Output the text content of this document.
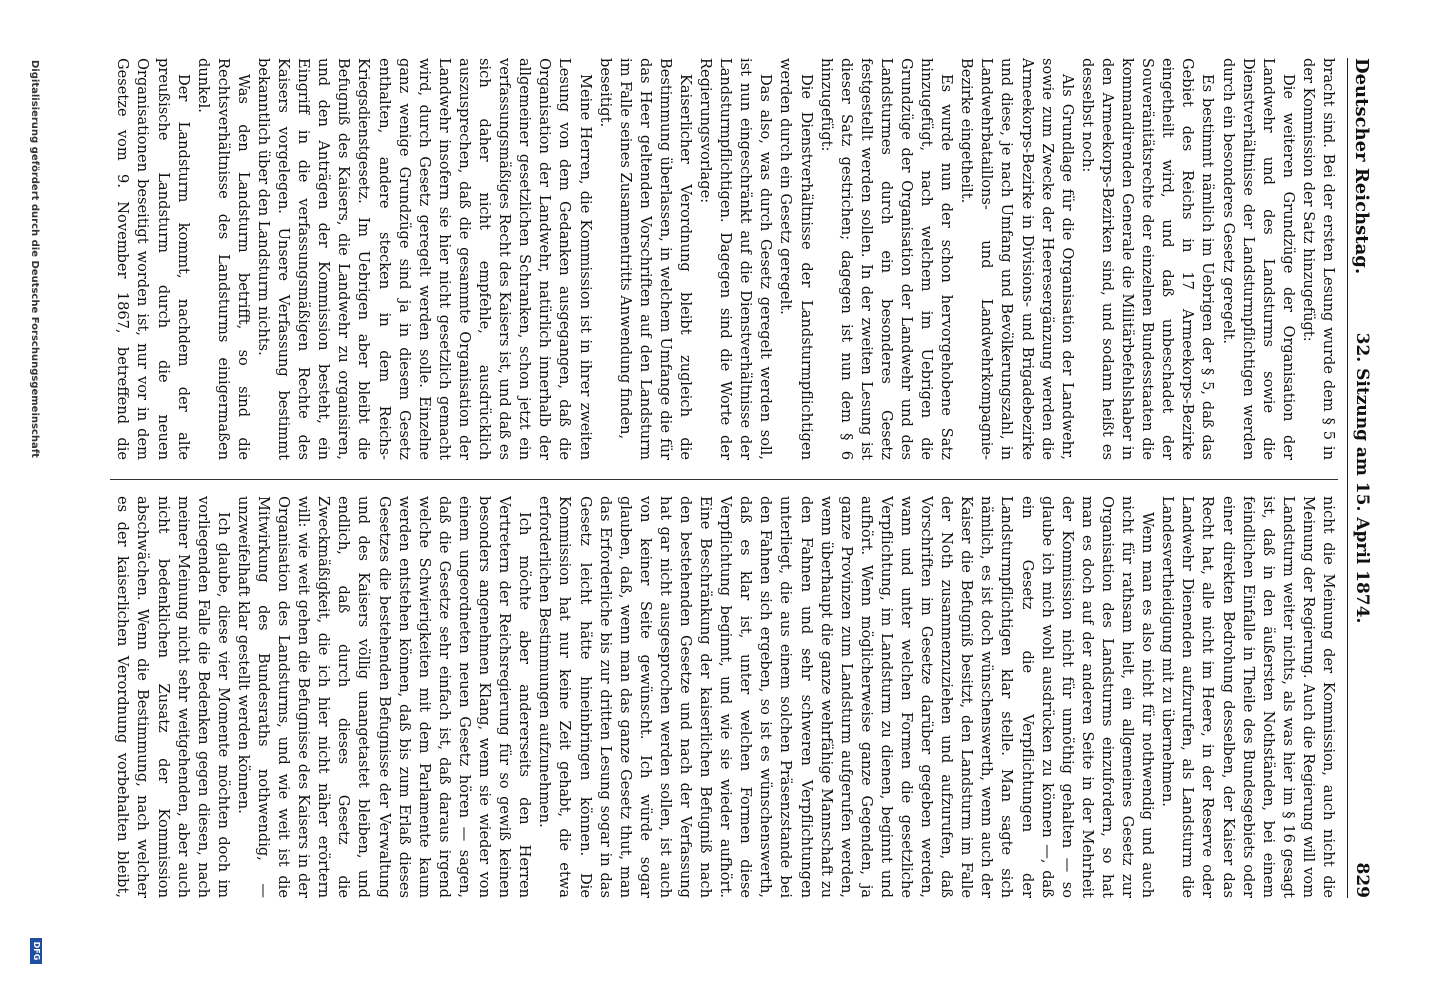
Deutscher Reichstag.
32. Sitzung am 15. April 1874.
829

bracht sind. Bei der ersten Lesung wurde dem § 5 in der Kommission der Satz hinzugefügt:

Die weiteren Grundzüge der Organisation der Landwehr und des Landsturms sowie die Dienstverhältnisse der Landsturmpflichtigen werden durch ein besonderes Gesetz geregelt.

Es bestimmt nämlich im Uebrigen der § 5, daß das Gebiet des Reichs in 17 Armeekorps-Bezirke eingetheilt wird, und daß unbeschadet der Souveränitätsrechte der einzelnen Bundesstaaten die kommandirenden Generale die Militärbefehlshaber in den Armeekorps-Bezirken sind, und sodann heißt es desselbst noch:

Als Grundlage für die Organisation der Landwehr, sowie zum Zwecke der Heeresergänzung werden die Armeekorps-Bezirke in Divisions- und Brigadebezirke und diese, je nach Umfang und Bevölkerungszahl, in Landwehrbataillons- und Landwehrkompagnie-Bezirke eingetheilt.

Es wurde nun der schon hervorgehobene Satz hinzugefügt, nach welchem im Uebrigen die Grundzüge der Organisation der Landwehr und des Landsturmes durch ein besonderes Gesetz festgestellt werden sollen. In der zweiten Lesung ist dieser Satz gestrichen; dagegen ist nun dem § 6 hinzugefügt:

Die Dienstverhältnisse der Landsturmpflichtigen werden durch ein Gesetz geregelt.

Das also, was durch Gesetz geregelt werden soll, ist nun eingeschränkt auf die Dienstverhältnisse der Landsturmpflichtigen. Dagegen sind die Worte der Regierungsvorlage:

Kaiserlicher Verordnung bleibt zugleich die Bestimmung überlassen, in welchem Umfange die für das Heer geltenden Vorschriften auf den Landsturm im Falle seines Zusammentritts Anwendung finden,

beseitigt.

Meine Herren, die Kommission ist in ihrer zweiten Lesung von dem Gedanken ausgegangen, daß die Organisation der Landwehr, natürlich innerhalb der allgemeiner gesetzlichen Schranken, schon jetzt ein verfassungsmäßiges Recht des Kaisers ist, und daß es sich daher nicht empfehle, ausdrücklich auszusprechen, daß die gesammte Organisation der Landwehr insofern sie hier nicht gesetzlich gemacht wird, durch Gesetz geregelt werden solle. Einzelne ganz wenige Grundzüge sind ja in diesem Gesetz enthalten, andere stecken in dem Reichs-Kriegsdienstgesetz. Im Uebrigen aber bleibt die Befugniß des Kaisers, die Landwehr zu organisiren, und den Anträgen der Kommission besteht, ein Eingriff in die verfassungsmäßigen Rechte des Kaisers vorgelegen. Unsere Verfassung bestimmt bekanntlich über den Landsturm nichts.

Was den Landsturm betrifft, so sind die Rechtsverhältnisse des Landsturms einigermaßen dunkel.

Der Landsturm kommt, nachdem der alte preußische Landsturm durch die neuen Organisationen beseitigt worden ist, nur vor in dem Gesetze vom 9. November 1867, betreffend die

nicht die Meinung der Kommission, auch nicht die Meinung der Regierung. Auch die Regierung will vom Landsturm weiter nichts, als was hier im § 16 gesagt ist, daß in den äußersten Nothständen, bei einem feindlichen Einfalle in Theile des Bundesgebiets oder einer direkten Bedrohung desselben, der Kaiser das Recht hat, alle nicht im Heere, in der Reserve oder Landwehr Dienenden aufzurufen, als Landsturm die Landesvertheidigung mit zu übernehmen.

Wenn man es also nicht für nothwendig und auch nicht für rathsam hielt, ein allgemeines Gesetz zur Organisation des Landsturms einzufordern, so hat man es doch auf der anderen Seite in der Mehrheit der Kommission nicht für unnöthig gehalten — so glaube ich mich wohl ausdrücken zu können —, daß ein Gesetz die Verpflichtungen der Landsturmpflichtigen klar stelle. Man sagte sich nämlich, es ist doch wünschenswerth, wenn auch der Kaiser die Befugniß besitzt, den Landsturm im Falle der Noth zusammenzuziehen und aufzurufen, daß Vorschriften im Gesetze darüber gegeben werden, wann und unter welchen Formen die gesetzliche Verpflichtung, im Landsturm zu dienen, beginnt und aufhört. Wenn möglicherweise ganze Gegenden, ja ganze Provinzen zum Landsturm aufgerufen werden, wenn überhaupt die ganze wehrfähige Mannschaft zu den Fahnen und sehr schweren Verpflichtungen unterliegt, die aus einem solchen Präsenzstande bei den Fahnen sich ergeben, so ist es wünschenswerth, daß es klar ist, unter welchen Formen diese Verpflichtung beginnt, und wie sie wieder aufhört. Eine Beschränkung der kaiserlichen Befugniß nach den bestehenden Gesetze und nach der Verfassung hat gar nicht ausgesprochen werden sollen, ist auch von keiner Seite gewünscht. Ich würde sogar glauben, daß, wenn man das ganze Gesetz thut, man das Erforderliche bis zur dritten Lesung sogar in das Gesetz leicht hätte hineinbringen können. Die Kommission hat nur keine Zeit gehabt, die etwa erforderlichen Bestimmungen aufzunehmen.

Ich möchte aber andererseits den Herren Vertretern der Reichsregierung für so gewiß keinen besonders angenehmen Klang, wenn sie wieder von einem ungeordneten neuen Gesetz hören — sagen, daß die Gesetze sehr einfach ist, daß daraus irgend welche Schwierigkeiten mit dem Parlamente kaum werden entstehen können, daß bis zum Erlaß dieses Gesetzes die bestehenden Befugnisse der Verwaltung und des Kaisers völlig unangetastet bleiben, und endlich, daß durch dieses Gesetz die Zweckmäßigkeit, die ich hier nicht näher erörtern will: wie weit gehen die Befugnisse des Kaisers in der Organisation des Landsturms, und wie weit ist die Mitwirkung des Bundesraths nothwendig, — unzweifelhaft klar gestellt werden können.

Ich glaube, diese vier Momente möchten doch im vorliegenden Falle die Bedenken gegen diesen, nach meiner Meinung nicht sehr weitgehenden, aber auch nicht bedenklichen Zusatz der Kommission abschwächen. Wenn die Bestimmung, nach welcher es der kaiserlichen Verordnung vorbehalten bleibt,

Digitalisierung gefördert durch die Deutsche Forschungsgemeinschaft
DFG
